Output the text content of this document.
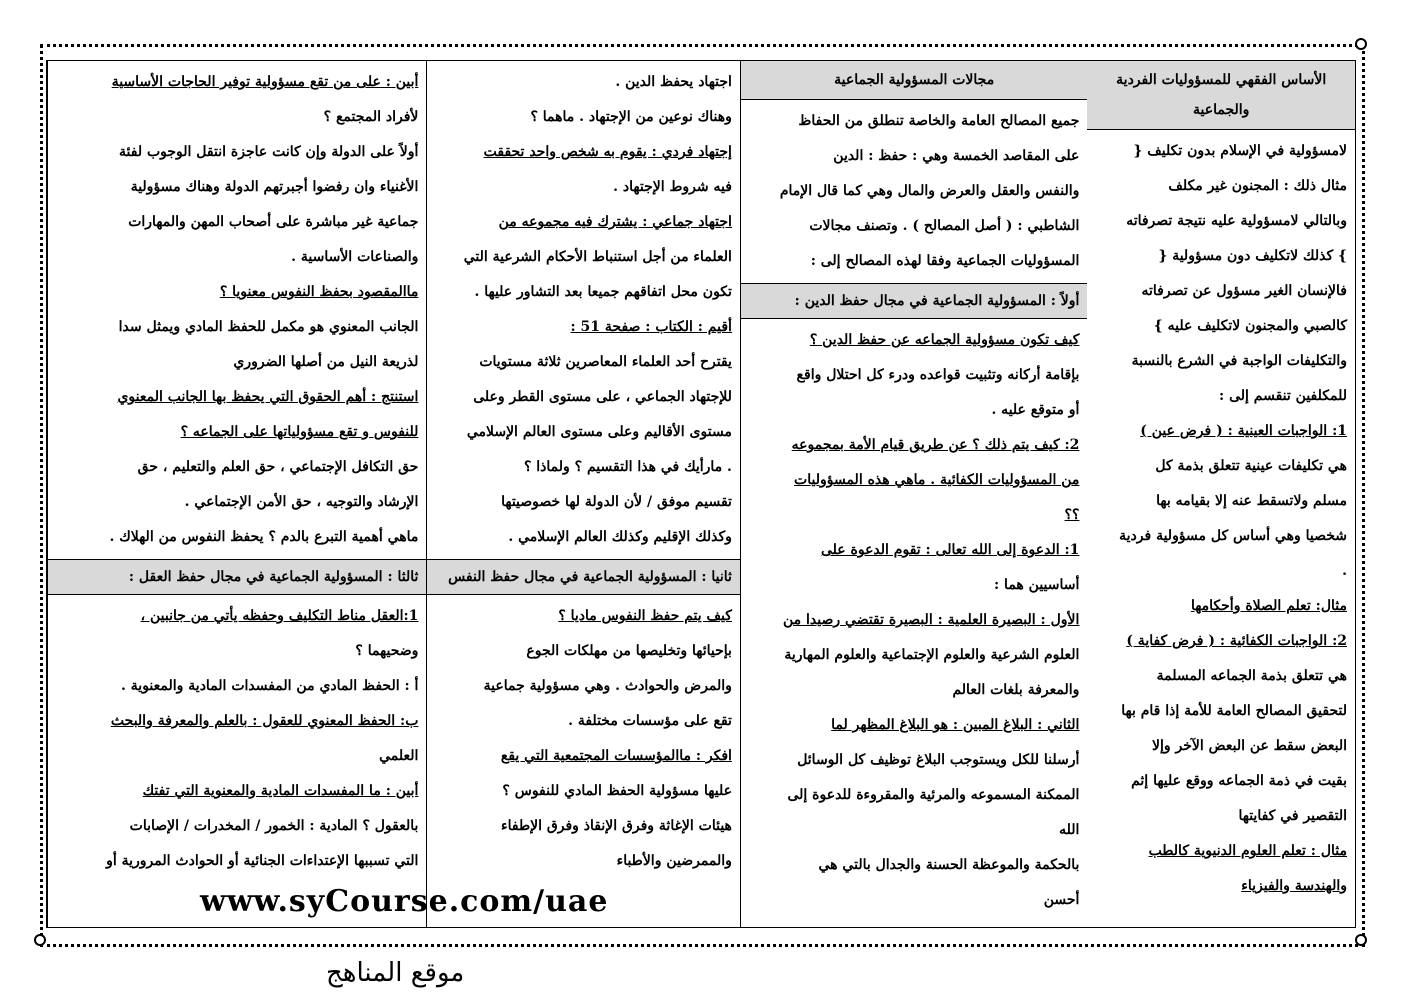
أبين : على من تقع مسؤولية توفير الحاجات الأساسية

لأفراد المجتمع ؟

أولاً على الدولة وإن كانت عاجزة انتقل الوجوب لفئة

الأغنياء وان رفضوا أجبرتهم الدولة وهناك مسؤولية

جماعية غير مباشرة على أصحاب المهن والمهارات

والصناعات الأساسية .

ماالمقصود بحفظ النفوس معنويا ؟

الجانب المعنوي هو مكمل للحفظ المادي ويمثل سدا

لذريعة النيل من أصلها الضروري

استنتج : أهم الحقوق التي يحفظ بها الجانب المعنوي

للنفوس و تقع مسؤولياتها على الجماعه ؟

حق التكافل الإجتماعي ، حق العلم والتعليم ، حق

الإرشاد والتوجيه ، حق الأمن الإجتماعي .

ماهي أهمية التبرع بالدم ؟ يحفظ النفوس من الهلاك .

ثالثا : المسؤولية الجماعية في مجال حفظ العقل :

1:العقل مناط التكليف وحفظه يأتي من جانبين ،

وضحيهما ؟

أ : الحفظ المادي من المفسدات المادية والمعنوية .

ب: الحفظ المعنوي للعقول : بالعلم والمعرفة والبحث

العلمي

أبين : ما المفسدات المادية والمعنوية التي تفتك

بالعقول ؟ المادية : الخمور / المخدرات / الإصابات

التي تسببها الإعتداءات الجنائية أو الحوادث المرورية أو

اجتهاد يحفظ الدين .

وهناك نوعين من الإجتهاد . ماهما ؟

إجتهاد فردي : يقوم به شخص واحد تحققت

فيه شروط الإجتهاد .

اجتهاد جماعي : يشترك فيه مجموعه من

العلماء من أجل استنباط الأحكام الشرعية التي

تكون محل اتفاقهم جميعا بعد التشاور عليها .

أقيم : الكتاب : صفحة 51 :

يقترح أحد العلماء المعاصرين ثلاثة مستويات

للإجتهاد الجماعي ، على مستوى القطر وعلى

مستوى الأقاليم وعلى مستوى العالم الإسلامي

. مارأيك في هذا التقسيم ؟ ولماذا ؟

تقسيم موفق / لأن الدولة لها خصوصيتها

وكذلك الإقليم وكذلك العالم الإسلامي .

ثانيا : المسؤولية الجماعية في مجال حفظ النفس

كيف يتم حفظ النفوس ماديا ؟

بإحيائها وتخليصها من مهلكات الجوع

والمرض والحوادث . وهي مسؤولية جماعية

تقع على مؤسسات مختلفة .

افكر : ماالمؤسسات المجتمعية التي يقع

عليها مسؤولية الحفظ المادي للنفوس ؟

هيئات الإغاثة وفرق الإنقاذ وفرق الإطفاء

والممرضين والأطباء

مجالات المسؤولية الجماعية

جميع المصالح العامة والخاصة تنطلق من الحفاظ

على المقاصد الخمسة وهي : حفظ : الدين

والنفس والعقل والعرض والمال وهي كما قال الإمام

الشاطبي : ( أصل المصالح ) . وتصنف مجالات

المسؤوليات الجماعية وفقا لهذه المصالح إلى :

أولاً : المسؤولية الجماعية في مجال حفظ الدين :

كيف تكون مسؤولية الجماعه عن حفظ الدين ؟

بإقامة أركانه وتثبيت قواعده ودرء كل احتلال واقع

أو متوقع عليه .

2: كيف يتم ذلك ؟ عن طريق قيام الأمة بمجموعه

من المسؤوليات الكفائية . ماهي هذه المسؤوليات

؟؟

1: الدعوة إلى الله تعالى : تقوم الدعوة على

أساسيين هما :

الأول : البصيرة العلمية : البصيرة تقتضي رصيدا من

العلوم الشرعية والعلوم الإجتماعية والعلوم المهارية

والمعرفة بلغات العالم

الثاني : البلاغ المبين : هو البلاغ المظهر لما

أرسلنا للكل ويستوجب البلاغ توظيف كل الوسائل

الممكنة المسموعه والمرئية والمقروءة للدعوة إلى

الله

بالحكمة والموعظة الحسنة والجدال بالتي هي

أحسن

الأساس الفقهي للمسؤوليات الفردية والجماعية

لامسؤولية في الإسلام بدون تكليف {

مثال ذلك : المجنون غير مكلف

وبالتالي لامسؤولية عليه نتيجة تصرفاته

} كذلك لاتكليف دون مسؤولية {

فالإنسان الغير مسؤول عن تصرفاته

كالصبي والمجنون لاتكليف عليه }

والتكليفات الواجبة في الشرع بالنسبة

للمكلفين تنقسم إلى :

1: الواجبات العينية : ( فرض عين )

هي تكليفات عينية تتعلق بذمة كل

مسلم ولاتسقط عنه إلا بقيامه بها

شخصيا وهي أساس كل مسؤولية فردية

.

مثال: تعلم الصلاة وأحكامها

2: الواجبات الكفائية : ( فرض كفاية )

هي تتعلق بذمة الجماعه المسلمة

لتحقيق المصالح العامة للأمة إذا قام بها

البعض سقط عن البعض الآخر وإلا

بقيت في ذمة الجماعه ووقع عليها إثم

التقصير في كفايتها

مثال : تعلم العلوم الدنيوية كالطب

والهندسة والفيزياء

www.syCourse.com/uae
موقع المناهج
